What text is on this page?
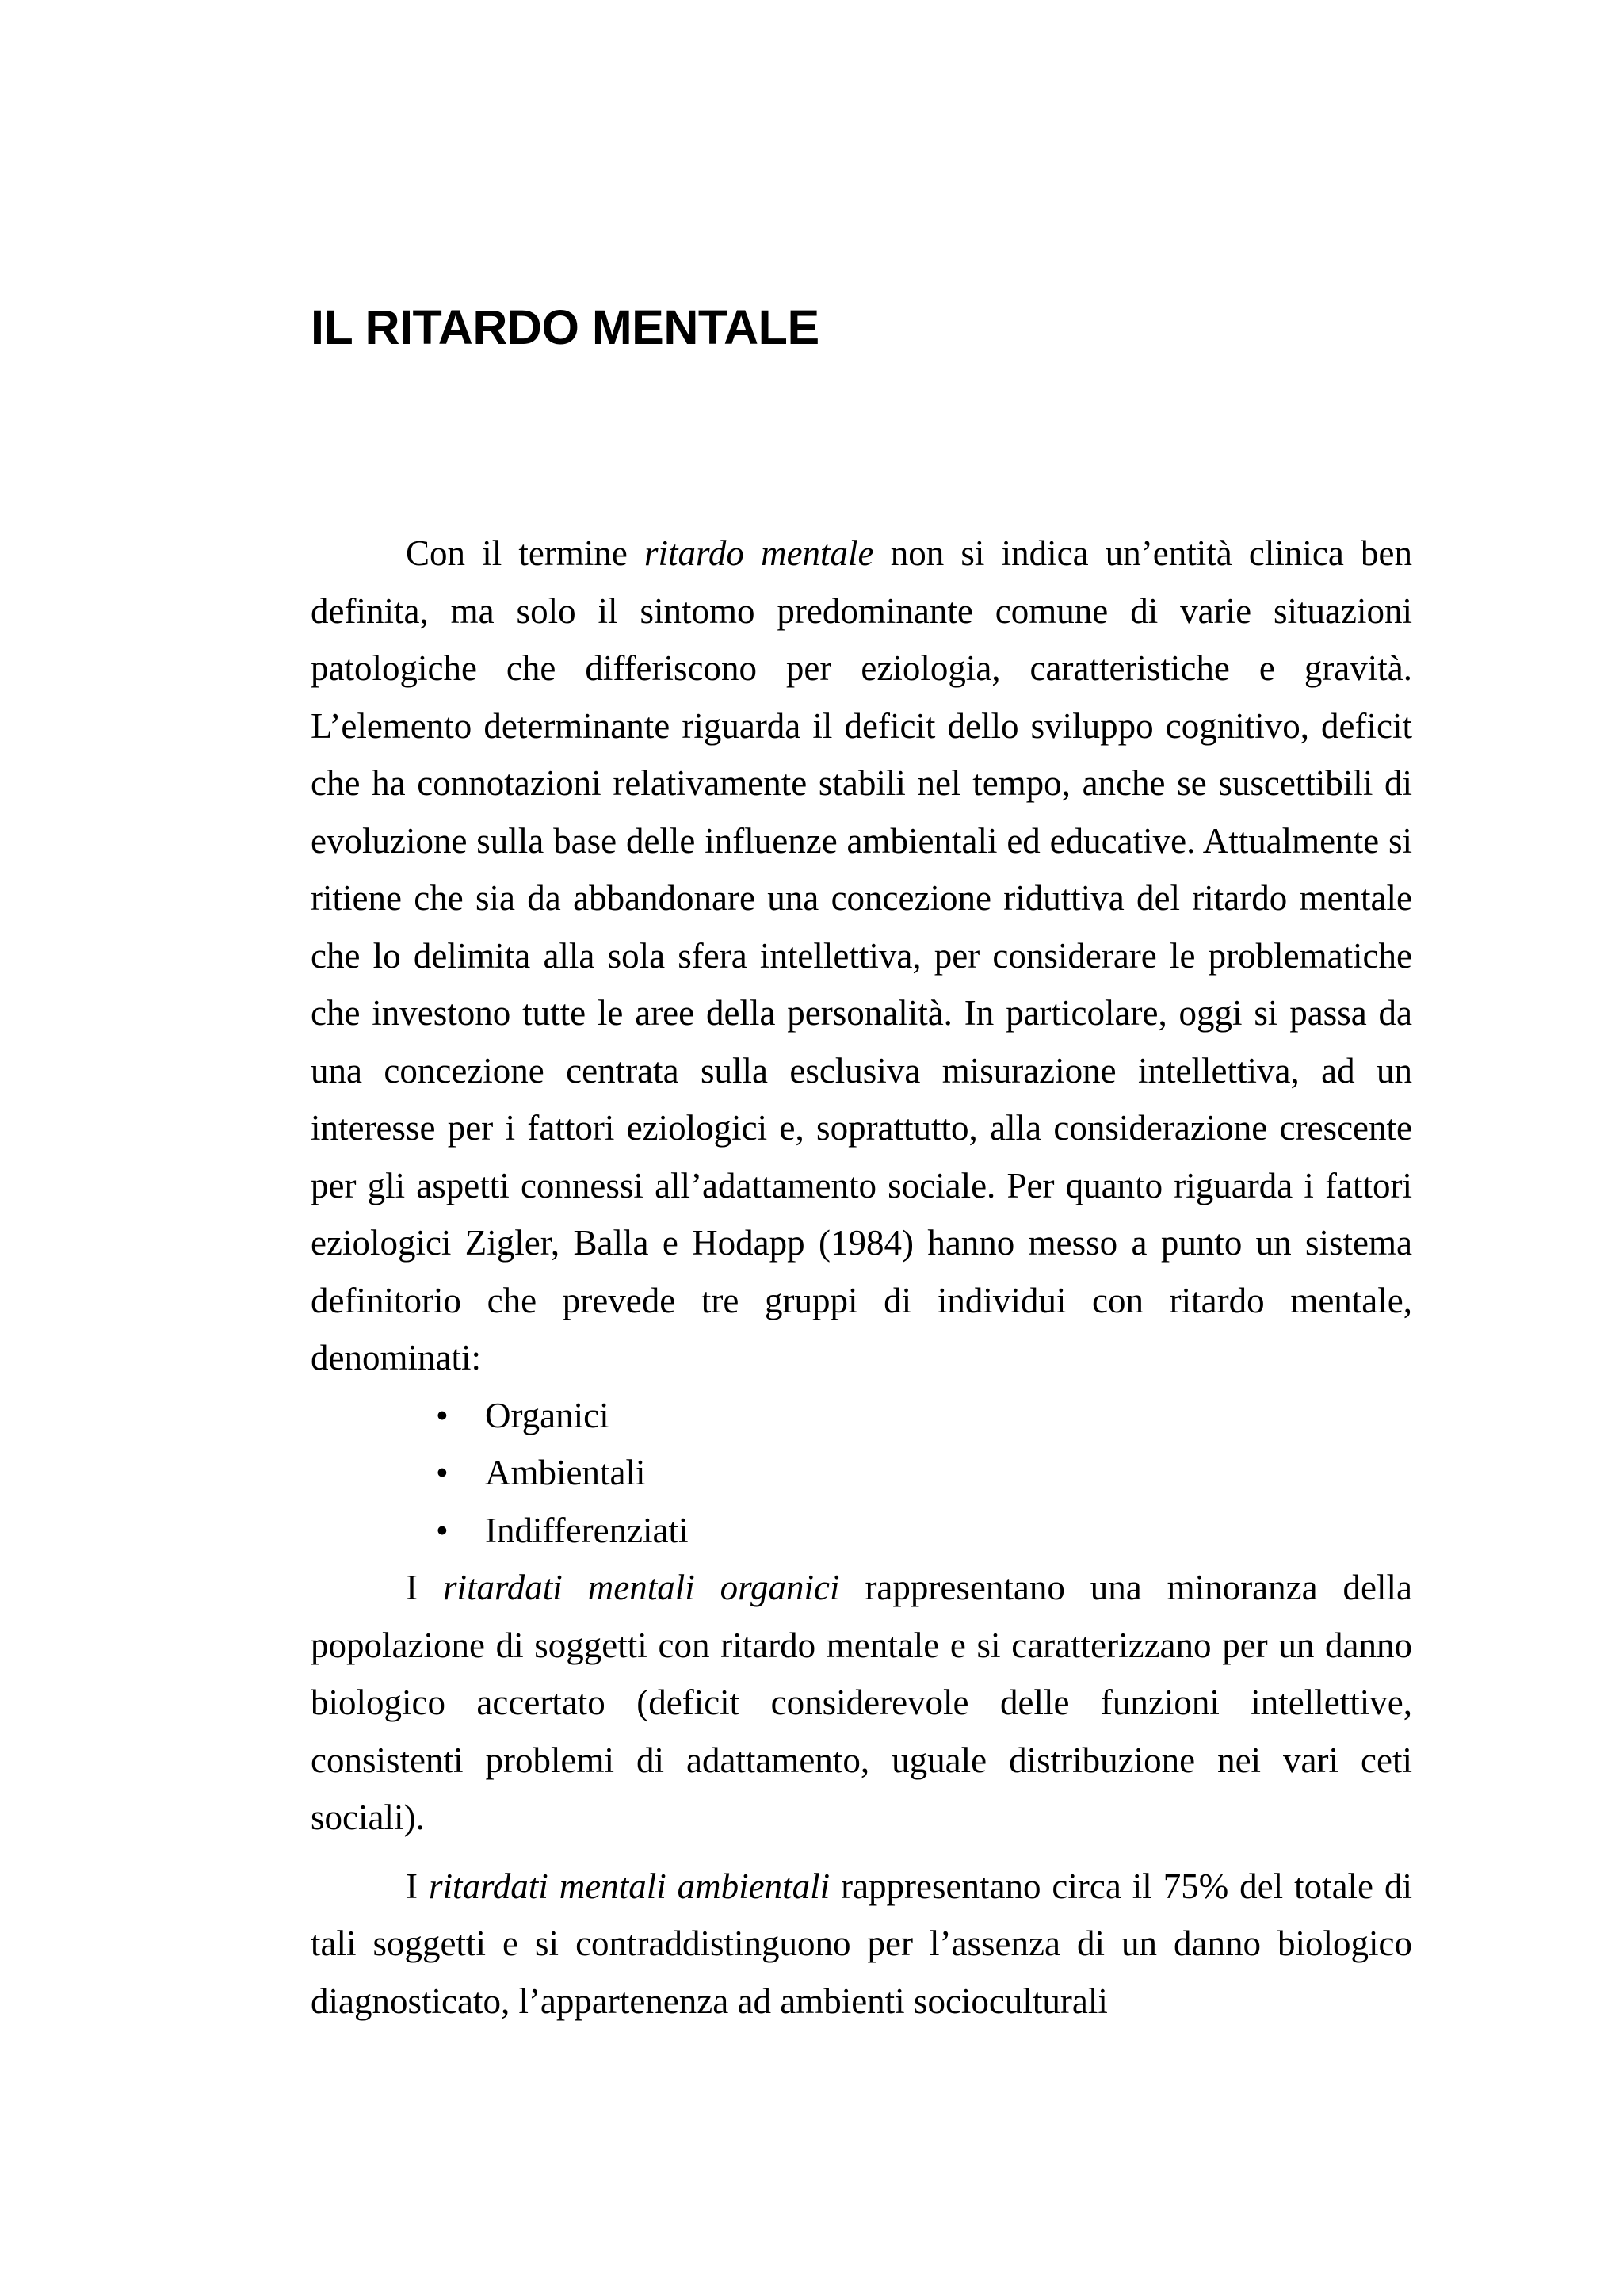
IL RITARDO MENTALE

Con il termine ritardo mentale non si indica un’entità clinica ben definita, ma solo il sintomo predominante comune di varie situazioni patologiche che differiscono per eziologia, caratteristiche e gravità. L’elemento determinante riguarda il deficit dello sviluppo cognitivo, deficit che ha connotazioni relativamente stabili nel tempo, anche se suscettibili di evoluzione sulla base delle influenze ambientali ed educative. Attualmente si ritiene che sia da abbandonare una concezione riduttiva del ritardo mentale che lo delimita alla sola sfera intellettiva, per considerare le problematiche che investono tutte le aree della personalità. In particolare, oggi si passa da una concezione centrata sulla esclusiva misurazione intellettiva, ad un interesse per i fattori eziologici e, soprattutto, alla considerazione crescente per gli aspetti connessi all’adattamento sociale. Per quanto riguarda i fattori eziologici Zigler, Balla e Hodapp (1984) hanno messo a punto un sistema definitorio che prevede tre gruppi di individui con ritardo mentale, denominati:

• Organici
• Ambientali
• Indifferenziati

I ritardati mentali organici rappresentano una minoranza della popolazione di soggetti con ritardo mentale e si caratterizzano per un danno biologico accertato (deficit considerevole delle funzioni intellettive, consistenti problemi di adattamento, uguale distribuzione nei vari ceti sociali).

I ritardati mentali ambientali rappresentano circa il 75% del totale di tali soggetti e si contraddistinguono per l’assenza di un danno biologico diagnosticato, l’appartenenza ad ambienti socioculturali
